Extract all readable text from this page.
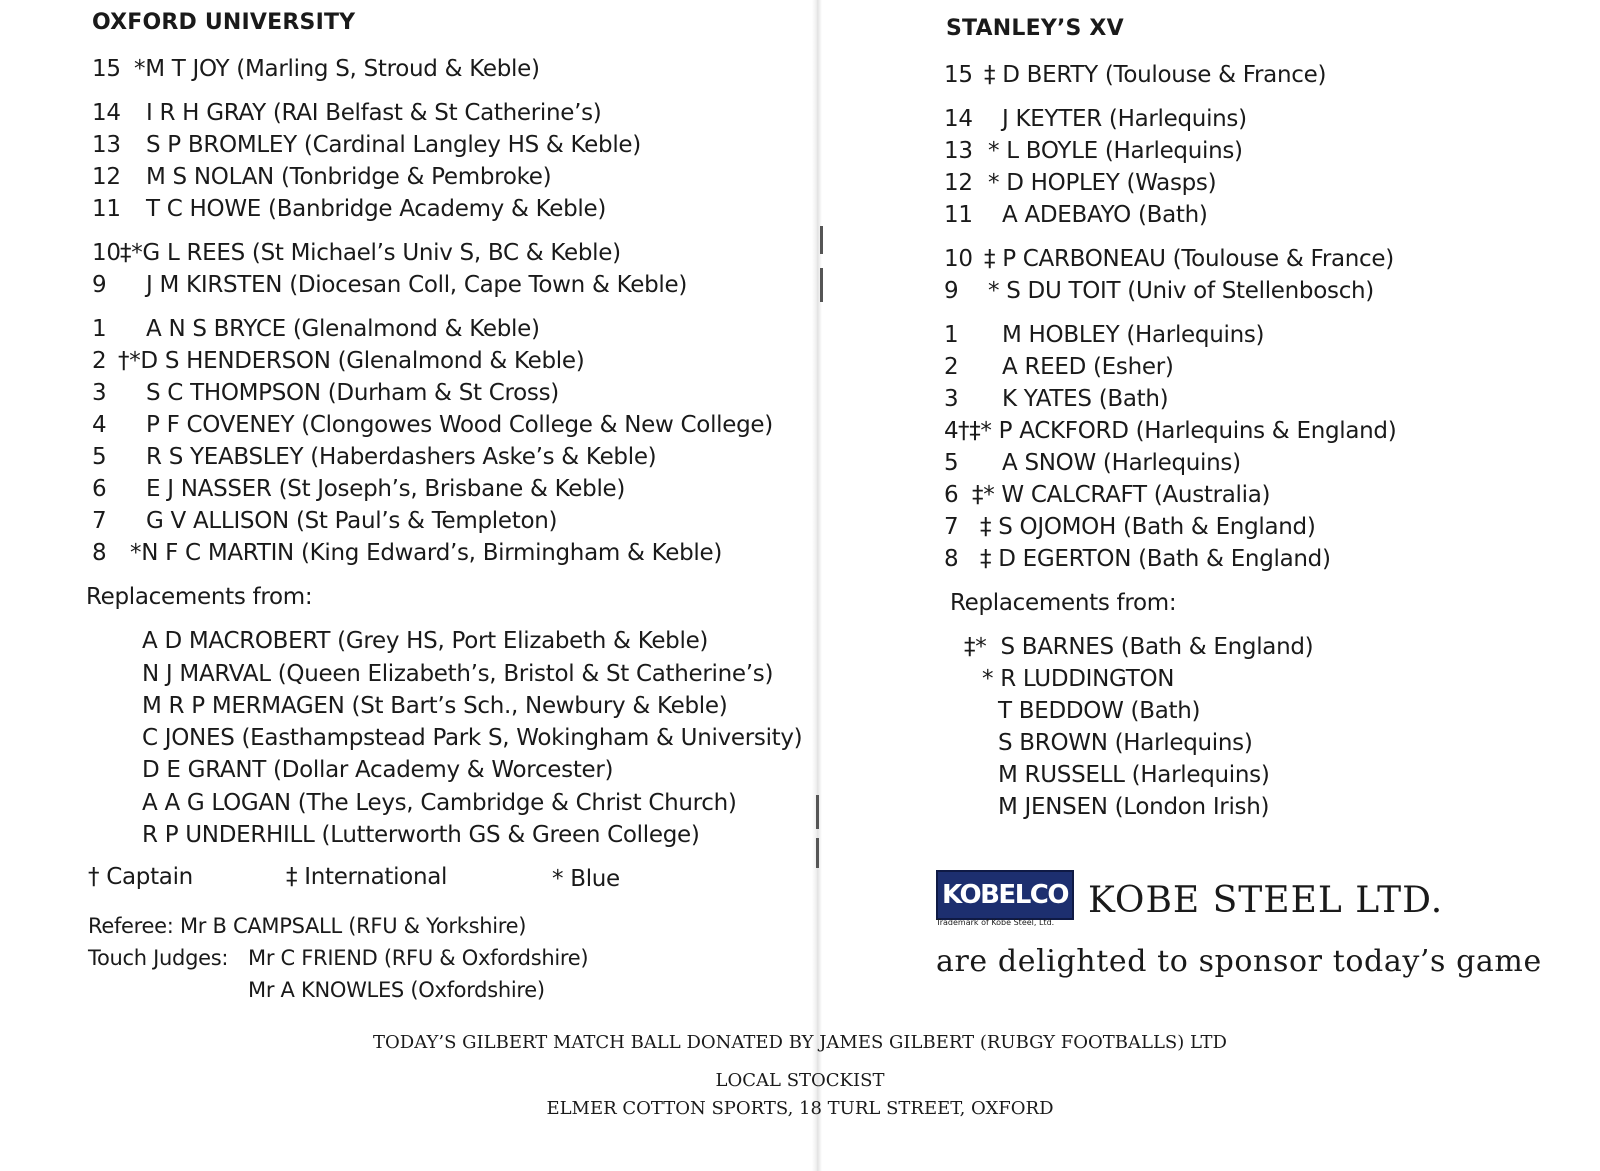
OXFORD UNIVERSITY
15 *M T JOY (Marling S, Stroud & Keble)
14 I R H GRAY (RAI Belfast & St Catherine’s)
13 S P BROMLEY (Cardinal Langley HS & Keble)
12 M S NOLAN (Tonbridge & Pembroke)
11 T C HOWE (Banbridge Academy & Keble)
10 ‡*G L REES (St Michael’s Univ S, BC & Keble)
9 J M KIRSTEN (Diocesan Coll, Cape Town & Keble)
1 A N S BRYCE (Glenalmond & Keble)
2 †*D S HENDERSON (Glenalmond & Keble)
3 S C THOMPSON (Durham & St Cross)
4 P F COVENEY (Clongowes Wood College & New College)
5 R S YEABSLEY (Haberdashers Aske’s & Keble)
6 E J NASSER (St Joseph’s, Brisbane & Keble)
7 G V ALLISON (St Paul’s & Templeton)
8 *N F C MARTIN (King Edward’s, Birmingham & Keble)
Replacements from:
A D MACROBERT (Grey HS, Port Elizabeth & Keble)
N J MARVAL (Queen Elizabeth’s, Bristol & St Catherine’s)
M R P MERMAGEN (St Bart’s Sch., Newbury & Keble)
C JONES (Easthampstead Park S, Wokingham & University)
D E GRANT (Dollar Academy & Worcester)
A A G LOGAN (The Leys, Cambridge & Christ Church)
R P UNDERHILL (Lutterworth GS & Green College)
† Captain	‡ International	* Blue
Referee: Mr B CAMPSALL (RFU & Yorkshire)
Touch Judges: Mr C FRIEND (RFU & Oxfordshire)
Mr A KNOWLES (Oxfordshire)
STANLEY’S XV
15 ‡ D BERTY (Toulouse & France)
14 J KEYTER (Harlequins)
13 * L BOYLE (Harlequins)
12 * D HOPLEY (Wasps)
11 A ADEBAYO (Bath)
10 ‡ P CARBONEAU (Toulouse & France)
9 * S DU TOIT (Univ of Stellenbosch)
1 M HOBLEY (Harlequins)
2 A REED (Esher)
3 K YATES (Bath)
4 †‡* P ACKFORD (Harlequins & England)
5 A SNOW (Harlequins)
6 ‡* W CALCRAFT (Australia)
7 ‡ S OJOMOH (Bath & England)
8 ‡ D EGERTON (Bath & England)
Replacements from:
‡* S BARNES (Bath & England)
* R LUDDINGTON
T BEDDOW (Bath)
S BROWN (Harlequins)
M RUSSELL (Harlequins)
M JENSEN (London Irish)
KOBELCO
Trademark of Kobe Steel, Ltd.
KOBE STEEL LTD.
are delighted to sponsor today’s game
TODAY’S GILBERT MATCH BALL DONATED BY JAMES GILBERT (RUBGY FOOTBALLS) LTD
LOCAL STOCKIST
ELMER COTTON SPORTS, 18 TURL STREET, OXFORD
